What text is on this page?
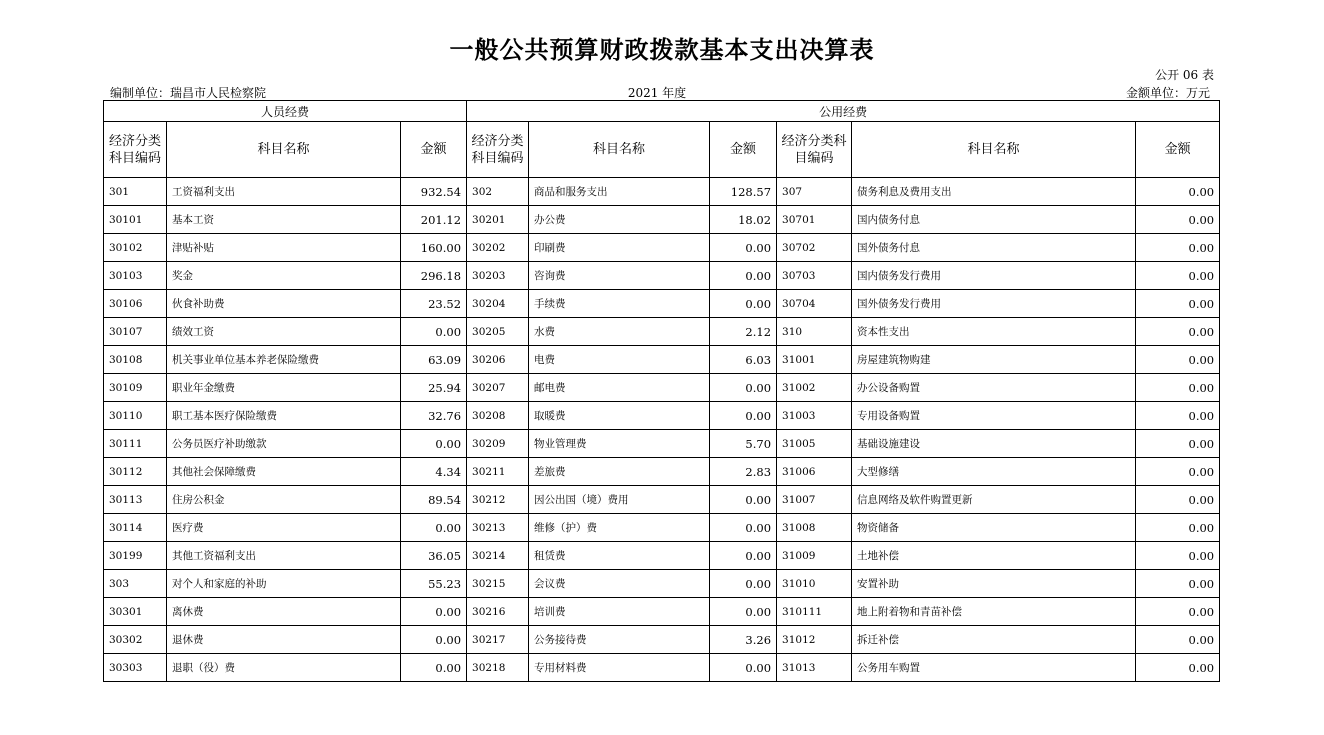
一般公共预算财政拨款基本支出决算表
公开 06 表
编制单位：瑞昌市人民检察院	2021 年度	金额单位：万元
人员经费			公用经费					
经济分类科目编码	科目名称	金额	经济分类科目编码	科目名称	金额	经济分类科目编码	科目名称	金额
301	工资福利支出	932.54	302	商品和服务支出	128.57	307	债务利息及费用支出	0.00
30101	基本工资	201.12	30201	办公费	18.02	30701	国内债务付息	0.00
30102	津贴补贴	160.00	30202	印刷费	0.00	30702	国外债务付息	0.00
30103	奖金	296.18	30203	咨询费	0.00	30703	国内债务发行费用	0.00
30106	伙食补助费	23.52	30204	手续费	0.00	30704	国外债务发行费用	0.00
30107	绩效工资	0.00	30205	水费	2.12	310	资本性支出	0.00
30108	机关事业单位基本养老保险缴费	63.09	30206	电费	6.03	31001	房屋建筑物购建	0.00
30109	职业年金缴费	25.94	30207	邮电费	0.00	31002	办公设备购置	0.00
30110	职工基本医疗保险缴费	32.76	30208	取暖费	0.00	31003	专用设备购置	0.00
30111	公务员医疗补助缴款	0.00	30209	物业管理费	5.70	31005	基础设施建设	0.00
30112	其他社会保障缴费	4.34	30211	差旅费	2.83	31006	大型修缮	0.00
30113	住房公积金	89.54	30212	因公出国（境）费用	0.00	31007	信息网络及软件购置更新	0.00
30114	医疗费	0.00	30213	维修（护）费	0.00	31008	物资储备	0.00
30199	其他工资福利支出	36.05	30214	租赁费	0.00	31009	土地补偿	0.00
303	对个人和家庭的补助	55.23	30215	会议费	0.00	31010	安置补助	0.00
30301	离休费	0.00	30216	培训费	0.00	310111	地上附着物和青苗补偿	0.00
30302	退休费	0.00	30217	公务接待费	3.26	31012	拆迁补偿	0.00
30303	退职（役）费	0.00	30218	专用材料费	0.00	31013	公务用车购置	0.00
